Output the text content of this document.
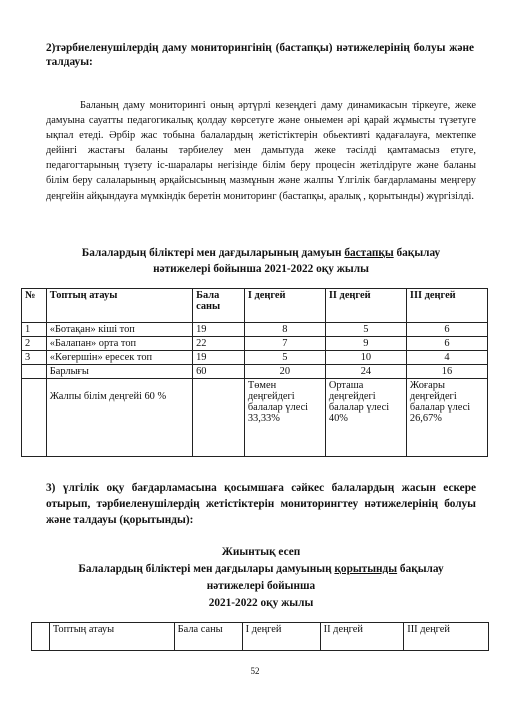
2)тәрбиеленушілердің даму мониторингінің (бастапқы) нәтижелерінің болуы және талдауы:
Баланың даму мониторингі оның әртүрлі кезеңдегі даму динамикасын тіркеуге, жеке дамуына сауатты педагогикалық қолдау көрсетуге және оныемен әрі қарай жұмысты түзетуге ықпал етеді. Әрбір жас тобына балалардың жетістіктерін обьективті қадағалауға, мектепке дейінгі жастағы баланы тәрбиелеу мен дамытуда жеке тәсілді қамтамасыз етуге, педагогтарының түзету іс-шаралары негізінде білім беру процесін жетілдіруге және баланы білім беру салаларының әрқайсысының мазмұнын және жалпы Үлгілік бағдарламаны меңгеру деңгейін айқындауға мүмкіндік беретін мониторинг (бастапқы, аралық , қорытынды) жүргізілді.
Балалардың біліктері мен дағдыларының дамуын бастапқы бақылау
нәтижелері бойынша 2021-2022 оқу жылы
№	Топтың атауы	Бала саны	I деңгей	II деңгей	III деңгей
1	«Ботақан» кіші топ	19	8	5	6
2	«Балапан» орта топ	22	7	9	6
3	«Көгершін» ересек топ	19	5	10	4
	Барлығы	60	20	24	16
	Жалпы білім деңгейі 60 %		Төмен деңгейдегі балалар үлесі 33,33%	Орташа деңгейдегі балалар үлесі 40%	Жоғары деңгейдегі балалар үлесі 26,67%
3) үлгілік оқу бағдарламасына қосымшаға сәйкес балалардың жасын ескере отырып, тәрбиеленушілердің жетістіктерін мониторингтеу нәтижелерінің болуы және талдауы (қорытынды):
Жиынтық есеп
Балалардың біліктері мен дағдылары дамуының қорытынды бақылау
нәтижелері бойынша
2021-2022 оқу жылы
	Топтың атауы	Бала саны	I деңгей	II деңгей	III деңгей
52
